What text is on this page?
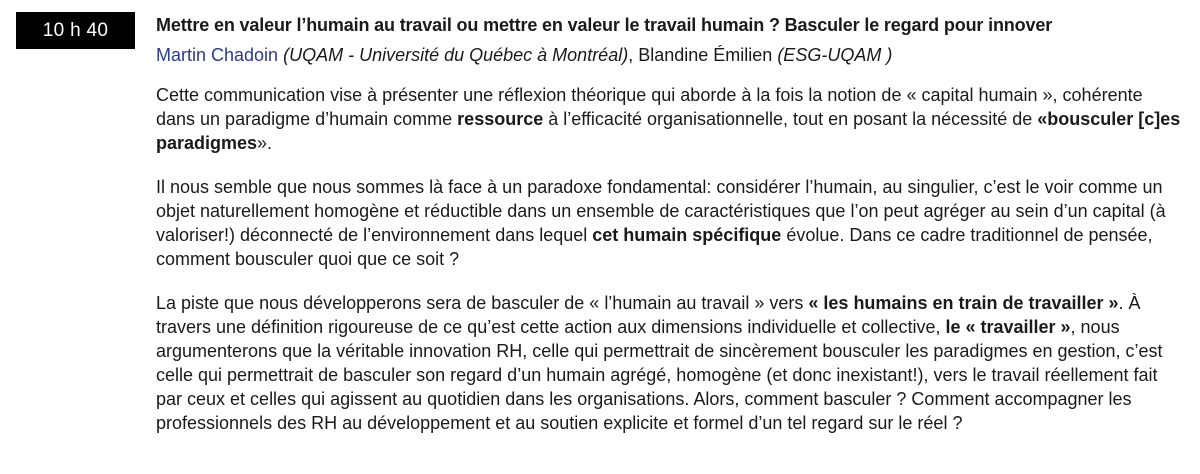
10 h 40	Mettre en valeur l’humain au travail ou mettre en valeur le travail humain ? Basculer le regard pour innover

Martin Chadoin (UQAM - Université du Québec à Montréal), Blandine Émilien (ESG-UQAM )

Cette communication vise à présenter une réflexion théorique qui aborde à la fois la notion de « capital humain », cohérente dans un paradigme d’humain comme ressource à l’efficacité organisationnelle, tout en posant la nécessité de «bousculer [c]es paradigmes».

Il nous semble que nous sommes là face à un paradoxe fondamental: considérer l’humain, au singulier, c’est le voir comme un objet naturellement homogène et réductible dans un ensemble de caractéristiques que l’on peut agréger au sein d’un capital (à valoriser!) déconnecté de l’environnement dans lequel cet humain spécifique évolue. Dans ce cadre traditionnel de pensée, comment bousculer quoi que ce soit ?

La piste que nous développerons sera de basculer de « l’humain au travail » vers « les humains en train de travailler ». À travers une définition rigoureuse de ce qu’est cette action aux dimensions individuelle et collective, le « travailler », nous argumenterons que la véritable innovation RH, celle qui permettrait de sincèrement bousculer les paradigmes en gestion, c’est celle qui permettrait de basculer son regard d’un humain agrégé, homogène (et donc inexistant!), vers le travail réellement fait par ceux et celles qui agissent au quotidien dans les organisations. Alors, comment basculer ? Comment accompagner les professionnels des RH au développement et au soutien explicite et formel d’un tel regard sur le réel ?
